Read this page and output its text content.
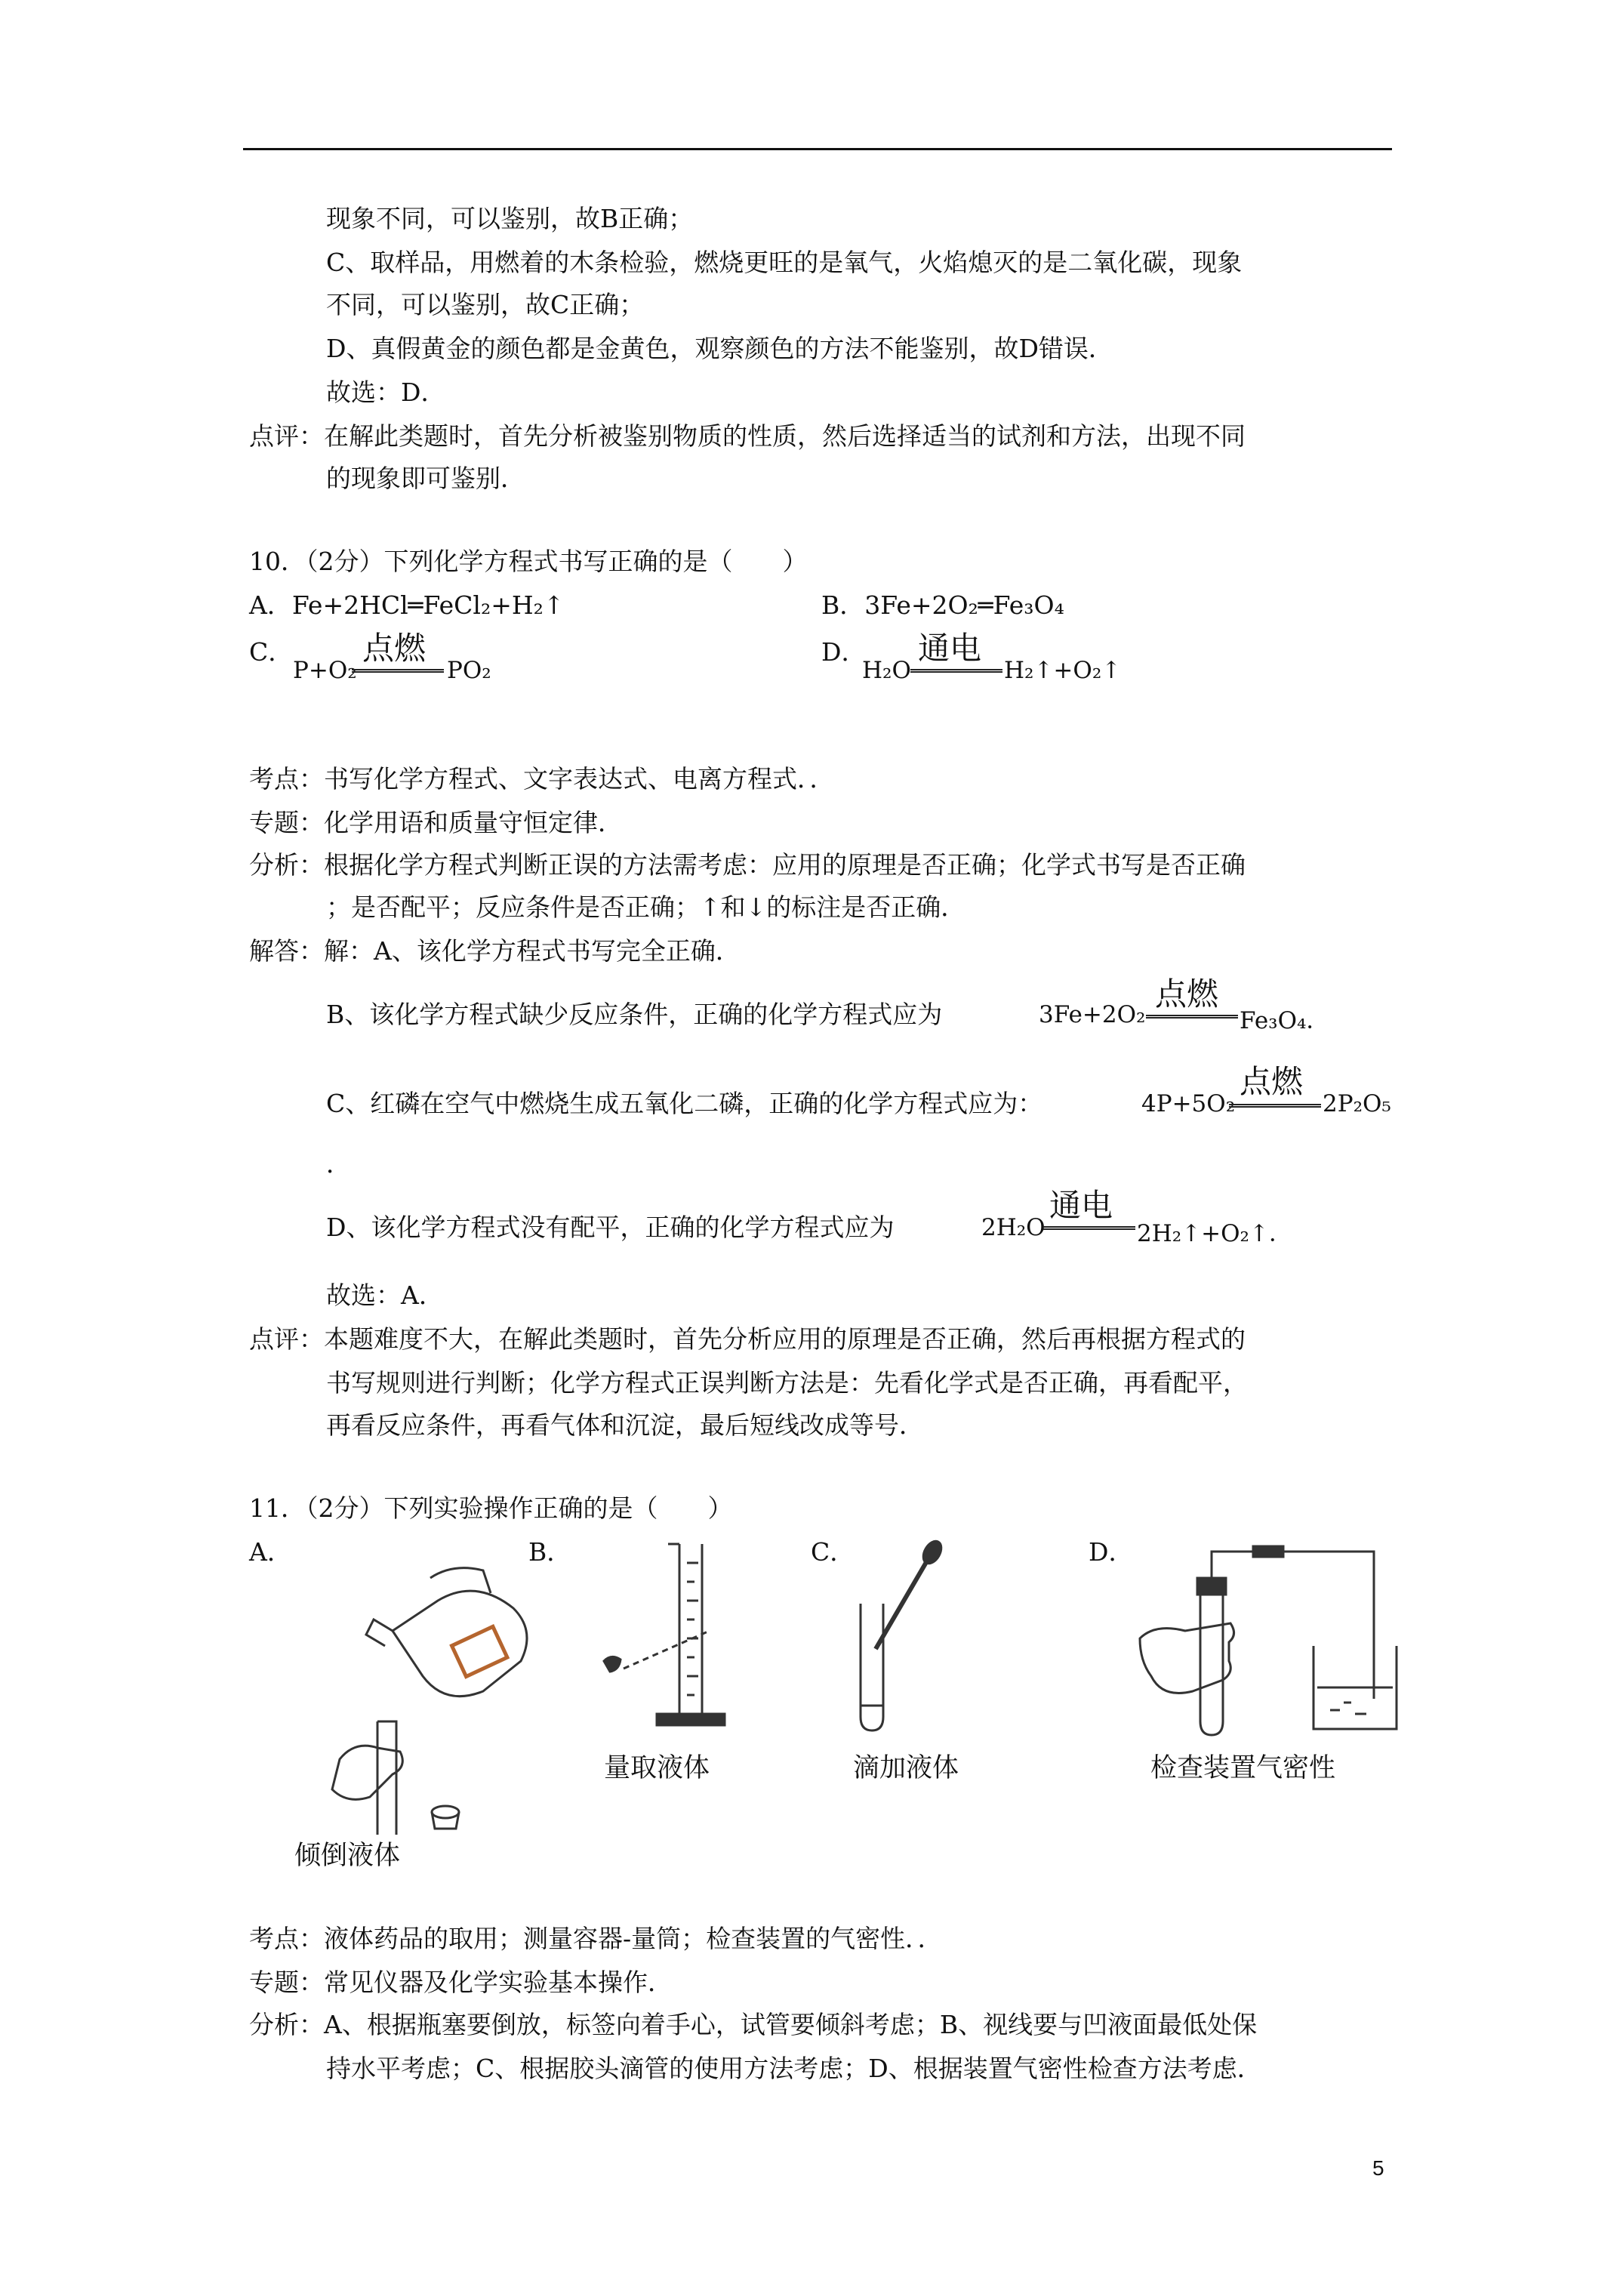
现象不同，可以鉴别，故B正确；
C、取样品，用燃着的木条检验，燃烧更旺的是氧气，火焰熄灭的是二氧化碳，现象
不同，可以鉴别，故C正确；
D、真假黄金的颜色都是金黄色，观察颜色的方法不能鉴别，故D错误．
故选：D．
点评：在解此类题时，首先分析被鉴别物质的性质，然后选择适当的试剂和方法，出现不同
的现象即可鉴别．
10．（2分）下列化学方程式书写正确的是（　　）
A．Fe+2HCl═FeCl₂+H₂↑	B．3Fe+2O₂═Fe₃O₄
C．
P+O₂
点燃
PO₂
D．
H₂O
通电
H₂↑+O₂↑
考点：书写化学方程式、文字表达式、电离方程式．．
专题：化学用语和质量守恒定律．
分析：根据化学方程式判断正误的方法需考虑：应用的原理是否正确；化学式书写是否正确
；是否配平；反应条件是否正确；↑和↓的标注是否正确．
解答：解：A、该化学方程式书写完全正确．
B、该化学方程式缺少反应条件，正确的化学方程式应为	3Fe+2O₂
点燃
Fe₃O₄．
C、红磷在空气中燃烧生成五氧化二磷，正确的化学方程式应为：	4P+5O₂
点燃
2P₂O₅
．
D、该化学方程式没有配平，正确的化学方程式应为	2H₂O
通电
2H₂↑+O₂↑．
故选：A．
点评：本题难度不大，在解此类题时，首先分析应用的原理是否正确，然后再根据方程式的
书写规则进行判断；化学方程式正误判断方法是：先看化学式是否正确，再看配平，
再看反应条件，再看气体和沉淀，最后短线改成等号．
11．（2分）下列实验操作正确的是（　　）
A．	B．	C．	D．
倾倒液体
量取液体	滴加液体	检查装置气密性
考点：液体药品的取用；测量容器-量筒；检查装置的气密性．．
专题：常见仪器及化学实验基本操作．
分析：A、根据瓶塞要倒放，标签向着手心，试管要倾斜考虑；B、视线要与凹液面最低处保
持水平考虑；C、根据胶头滴管的使用方法考虑；D、根据装置气密性检查方法考虑．
5
